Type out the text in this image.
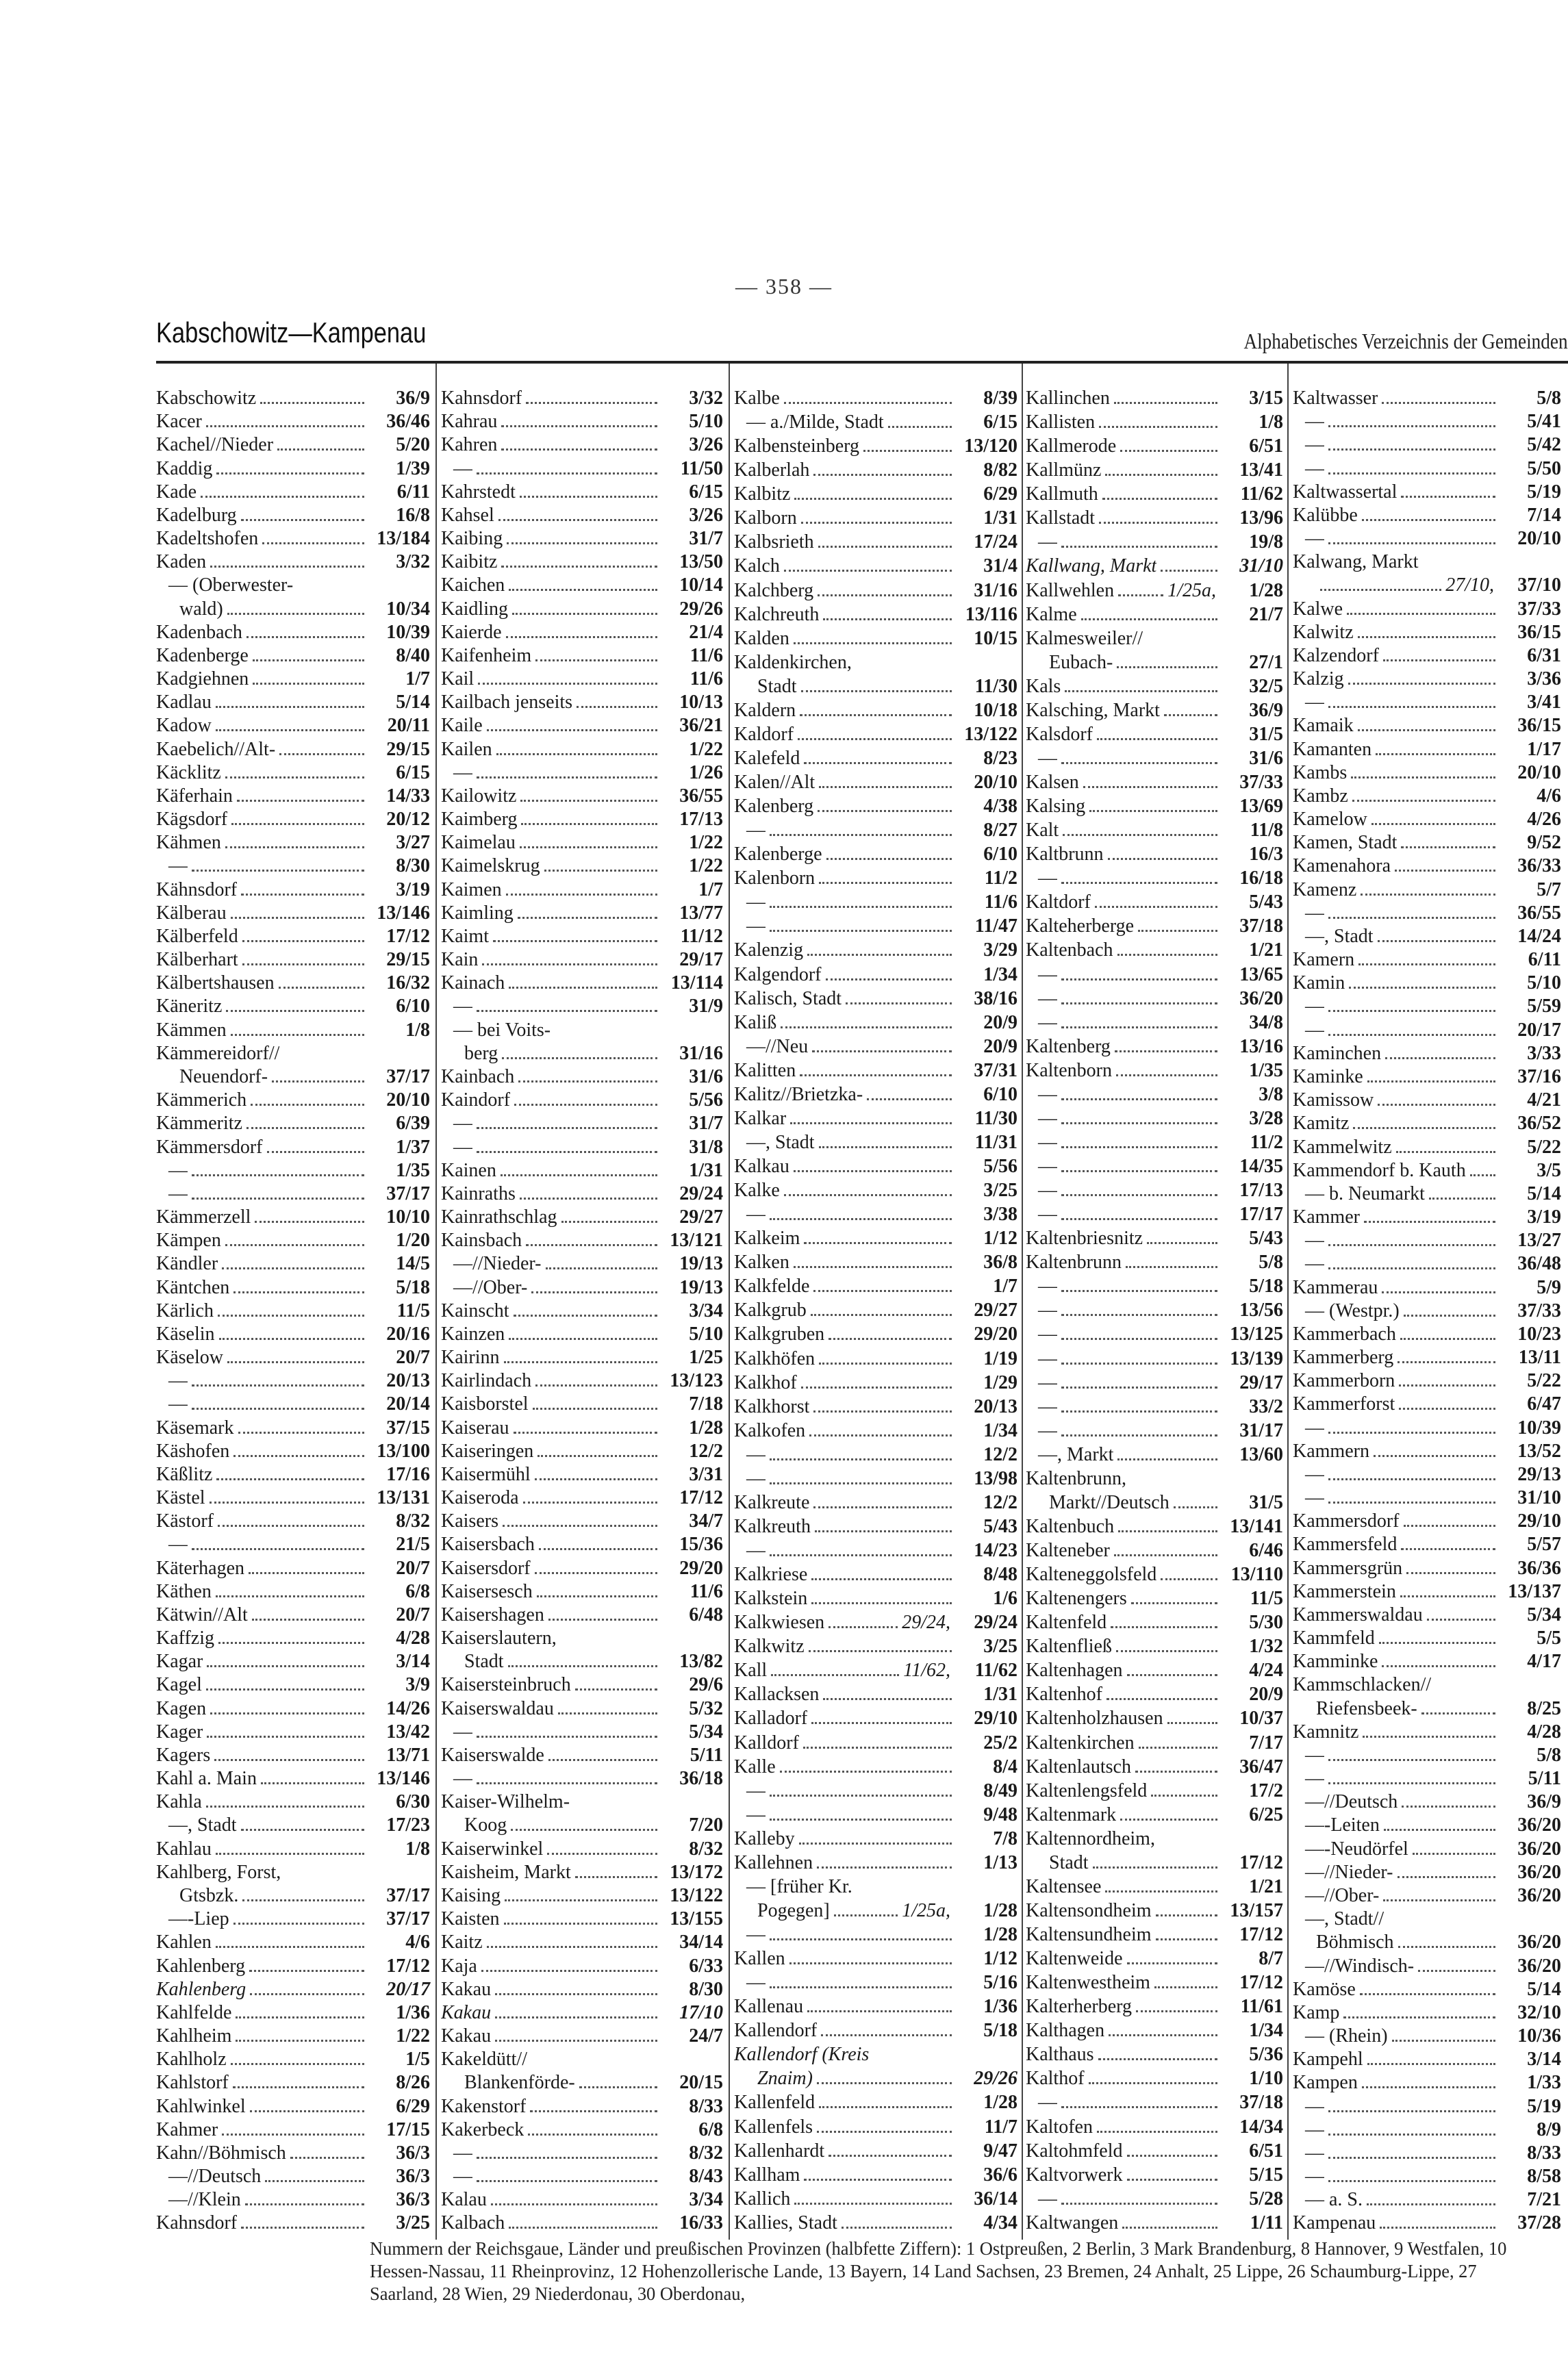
— 358 —
Kabschowitz—Kampenau	Alphabetisches Verzeichnis der Gemeinden
Kabschowitz	36/9
Kacer	36/46
Kachel//Nieder	5/20
Kaddig	1/39
Kade	6/11
Kadelburg	16/8
Kadeltshofen	13/184
Kaden	3/32
— (Oberwester-
wald)	10/34
Kadenbach	10/39
Kadenberge	8/40
Kadgiehnen	1/7
Kadlau	5/14
Kadow	20/11
Kaebelich//Alt-	29/15
Käcklitz	6/15
Käferhain	14/33
Kägsdorf	20/12
Kähmen	3/27
—	8/30
Kähnsdorf	3/19
Kälberau	13/146
Kälberfeld	17/12
Kälberhart	29/15
Kälbertshausen	16/32
Käneritz	6/10
Kämmen	1/8
Kämmereidorf//
Neuendorf-	37/17
Kämmerich	20/10
Kämmeritz	6/39
Kämmersdorf	1/37
—	1/35
—	37/17
Kämmerzell	10/10
Kämpen	1/20
Kändler	14/5
Käntchen	5/18
Kärlich	11/5
Käselin	20/16
Käselow	20/7
—	20/13
—	20/14
Käsemark	37/15
Käshofen	13/100
Käßlitz	17/16
Kästel	13/131
Kästorf	8/32
—	21/5
Käterhagen	20/7
Käthen	6/8
Kätwin//Alt	20/7
Kaffzig	4/28
Kagar	3/14
Kagel	3/9
Kagen	14/26
Kager	13/42
Kagers	13/71
Kahl a. Main	13/146
Kahla	6/30
—, Stadt	17/23
Kahlau	1/8
Kahlberg, Forst,
Gtsbzk.	37/17
—-Liep	37/17
Kahlen	4/6
Kahlenberg	17/12
Kahlenberg	20/17
Kahlfelde	1/36
Kahlheim	1/22
Kahlholz	1/5
Kahlstorf	8/26
Kahlwinkel	6/29
Kahmer	17/15
Kahn//Böhmisch	36/3
—//Deutsch	36/3
—//Klein	36/3
Kahnsdorf	3/25
Kahnsdorf	3/32
Kahrau	5/10
Kahren	3/26
—	11/50
Kahrstedt	6/15
Kahsel	3/26
Kaibing	31/7
Kaibitz	13/50
Kaichen	10/14
Kaidling	29/26
Kaierde	21/4
Kaifenheim	11/6
Kail	11/6
Kailbach jenseits	10/13
Kaile	36/21
Kailen	1/22
—	1/26
Kailowitz	36/55
Kaimberg	17/13
Kaimelau	1/22
Kaimelskrug	1/22
Kaimen	1/7
Kaimling	13/77
Kaimt	11/12
Kain	29/17
Kainach	13/114
—	31/9
— bei Voits-
berg	31/16
Kainbach	31/6
Kaindorf	5/56
—	31/7
—	31/8
Kainen	1/31
Kainraths	29/24
Kainrathschlag	29/27
Kainsbach	13/121
—//Nieder-	19/13
—//Ober-	19/13
Kainscht	3/34
Kainzen	5/10
Kairinn	1/25
Kairlindach	13/123
Kaisborstel	7/18
Kaiserau	1/28
Kaiseringen	12/2
Kaisermühl	3/31
Kaiseroda	17/12
Kaisers	34/7
Kaisersbach	15/36
Kaisersdorf	29/20
Kaisersesch	11/6
Kaisershagen	6/48
Kaiserslautern,
Stadt	13/82
Kaisersteinbruch	29/6
Kaiserswaldau	5/32
—	5/34
Kaiserswalde	5/11
—	36/18
Kaiser-Wilhelm-
Koog	7/20
Kaiserwinkel	8/32
Kaisheim, Markt	13/172
Kaising	13/122
Kaisten	13/155
Kaitz	34/14
Kaja	6/33
Kakau	8/30
Kakau	17/10
Kakau	24/7
Kakeldütt//
Blankenförde-	20/15
Kakenstorf	8/33
Kakerbeck	6/8
—	8/32
—	8/43
Kalau	3/34
Kalbach	16/33
Kalbe	8/39
— a./Milde, Stadt	6/15
Kalbensteinberg	13/120
Kalberlah	8/82
Kalbitz	6/29
Kalborn	1/31
Kalbsrieth	17/24
Kalch	31/4
Kalchberg	31/16
Kalchreuth	13/116
Kalden	10/15
Kaldenkirchen,
Stadt	11/30
Kaldern	10/18
Kaldorf	13/122
Kalefeld	8/23
Kalen//Alt	20/10
Kalenberg	4/38
—	8/27
Kalenberge	6/10
Kalenborn	11/2
—	11/6
—	11/47
Kalenzig	3/29
Kalgendorf	1/34
Kalisch, Stadt	38/16
Kaliß	20/9
—//Neu	20/9
Kalitten	37/31
Kalitz//Brietzka-	6/10
Kalkar	11/30
—, Stadt	11/31
Kalkau	5/56
Kalke	3/25
—	3/38
Kalkeim	1/12
Kalken	36/8
Kalkfelde	1/7
Kalkgrub	29/27
Kalkgruben	29/20
Kalkhöfen	1/19
Kalkhof	1/29
Kalkhorst	20/13
Kalkofen	1/34
—	12/2
—	13/98
Kalkreute	12/2
Kalkreuth	5/43
—	14/23
Kalkriese	8/48
Kalkstein	1/6
Kalkwiesen	29/24,	29/24
Kalkwitz	3/25
Kall	11/62,	11/62
Kallacksen	1/31
Kalladorf	29/10
Kalldorf	25/2
Kalle	8/4
—	8/49
—	9/48
Kalleby	7/8
Kallehnen	1/13
— [früher Kr.
Pogegen]	1/25a,	1/28
—	1/28
Kallen	1/12
—	5/16
Kallenau	1/36
Kallendorf	5/18
Kallendorf (Kreis
Znaim)	29/26
Kallenfeld	1/28
Kallenfels	11/7
Kallenhardt	9/47
Kallham	36/6
Kallich	36/14
Kallies, Stadt	4/34
Kallinchen	3/15
Kallisten	1/8
Kallmerode	6/51
Kallmünz	13/41
Kallmuth	11/62
Kallstadt	13/96
—	19/8
Kallwang, Markt	31/10
Kallwehlen	1/25a,	1/28
Kalme	21/7
Kalmesweiler//
Eubach-	27/1
Kals	32/5
Kalsching, Markt	36/9
Kalsdorf	31/5
—	31/6
Kalsen	37/33
Kalsing	13/69
Kalt	11/8
Kaltbrunn	16/3
—	16/18
Kaltdorf	5/43
Kalteherberge	37/18
Kaltenbach	1/21
—	13/65
—	36/20
—	34/8
Kaltenberg	13/16
Kaltenborn	1/35
—	3/8
—	3/28
—	11/2
—	14/35
—	17/13
—	17/17
Kaltenbriesnitz	5/43
Kaltenbrunn	5/8
—	5/18
—	13/56
—	13/125
—	13/139
—	29/17
—	33/2
—	31/17
—, Markt	13/60
Kaltenbrunn,
Markt//Deutsch	31/5
Kaltenbuch	13/141
Kalteneber	6/46
Kalteneggolsfeld	13/110
Kaltenengers	11/5
Kaltenfeld	5/30
Kaltenfließ	1/32
Kaltenhagen	4/24
Kaltenhof	20/9
Kaltenholzhausen	10/37
Kaltenkirchen	7/17
Kaltenlautsch	36/47
Kaltenlengsfeld	17/2
Kaltenmark	6/25
Kaltennordheim,
Stadt	17/12
Kaltensee	1/21
Kaltensondheim	13/157
Kaltensundheim	17/12
Kaltenweide	8/7
Kaltenwestheim	17/12
Kalterherberg	11/61
Kalthagen	1/34
Kalthaus	5/36
Kalthof	1/10
—	37/18
Kaltofen	14/34
Kaltohmfeld	6/51
Kaltvorwerk	5/15
—	5/28
Kaltwangen	1/11
Kaltwasser	5/8
—	5/41
—	5/42
—	5/50
Kaltwassertal	5/19
Kalübbe	7/14
—	20/10
Kalwang, Markt
27/10,	37/10
Kalwe	37/33
Kalwitz	36/15
Kalzendorf	6/31
Kalzig	3/36
—	3/41
Kamaik	36/15
Kamanten	1/17
Kambs	20/10
Kambz	4/6
Kamelow	4/26
Kamen, Stadt	9/52
Kamenahora	36/33
Kamenz	5/7
—	36/55
—, Stadt	14/24
Kamern	6/11
Kamin	5/10
—	5/59
—	20/17
Kaminchen	3/33
Kaminke	37/16
Kamissow	4/21
Kamitz	36/52
Kammelwitz	5/22
Kammendorf b. Kauth	3/5
— b. Neumarkt	5/14
Kammer	3/19
—	13/27
—	36/48
Kammerau	5/9
— (Westpr.)	37/33
Kammerbach	10/23
Kammerberg	13/11
Kammerborn	5/22
Kammerforst	6/47
—	10/39
Kammern	13/52
—	29/13
—	31/10
Kammersdorf	29/10
Kammersfeld	5/57
Kammersgrün	36/36
Kammerstein	13/137
Kammerswaldau	5/34
Kammfeld	5/5
Kamminke	4/17
Kammschlacken//
Riefensbeek-	8/25
Kamnitz	4/28
—	5/8
—	5/11
—//Deutsch	36/9
—-Leiten	36/20
—-Neudörfel	36/20
—//Nieder-	36/20
—//Ober-	36/20
—, Stadt//
Böhmisch	36/20
—//Windisch-	36/20
Kamöse	5/14
Kamp	32/10
— (Rhein)	10/36
Kampehl	3/14
Kampen	1/33
—	5/19
—	8/9
—	8/33
—	8/58
— a. S.	7/21
Kampenau	37/28
Nummern der Reichsgaue, Länder und preußischen Provinzen (halbfette Ziffern): 1 Ostpreußen, 2 Berlin, 3 Mark Brandenburg, 8 Hannover, 9 Westfalen, 10 Hessen-Nassau, 11 Rheinprovinz, 12 Hohenzollerische Lande, 13 Bayern, 14 Land Sachsen, 23 Bremen, 24 Anhalt, 25 Lippe, 26 Schaumburg-Lippe, 27 Saarland, 28 Wien, 29 Niederdonau, 30 Oberdonau,
